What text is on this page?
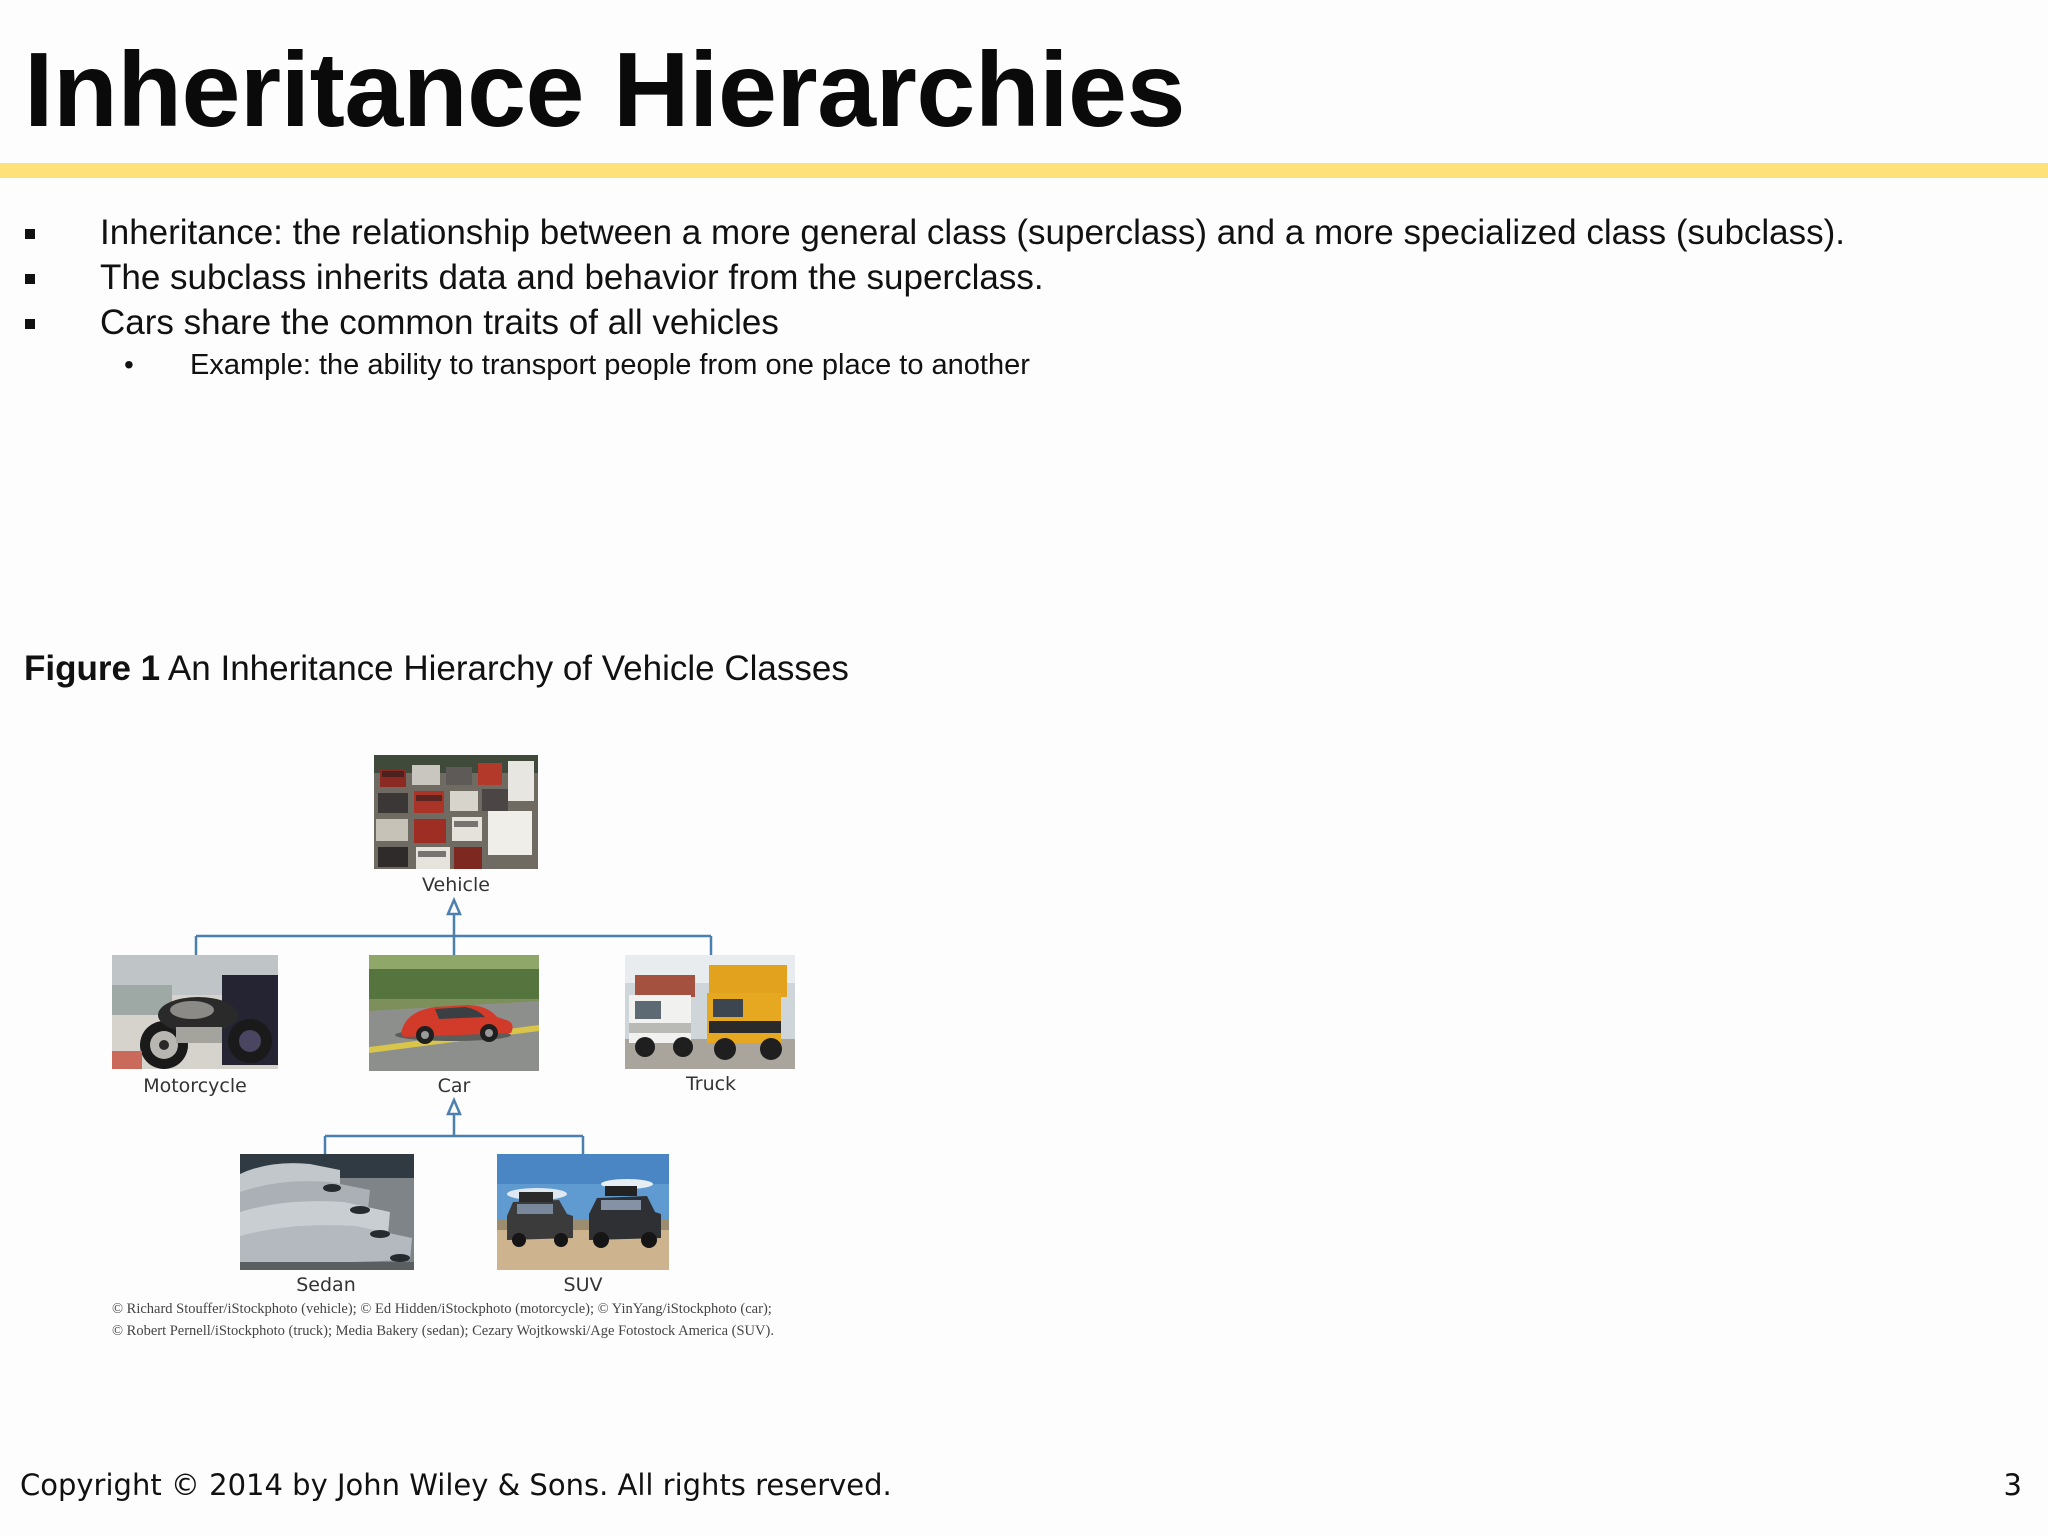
Inheritance Hierarchies
Inheritance: the relationship between a more general class (superclass) and a more specialized class (subclass).
The subclass inherits data and behavior from the superclass.
Cars share the common traits of all vehicles
• Example: the ability to transport people from one place to another
Figure 1 An Inheritance Hierarchy of Vehicle Classes
Vehicle
Motorcycle	Car	Truck
Sedan	SUV
© Richard Stouffer/iStockphoto (vehicle); © Ed Hidden/iStockphoto (motorcycle); © YinYang/iStockphoto (car);
© Robert Pernell/iStockphoto (truck); Media Bakery (sedan); Cezary Wojtkowski/Age Fotostock America (SUV).
Copyright © 2014 by John Wiley & Sons. All rights reserved.	3
